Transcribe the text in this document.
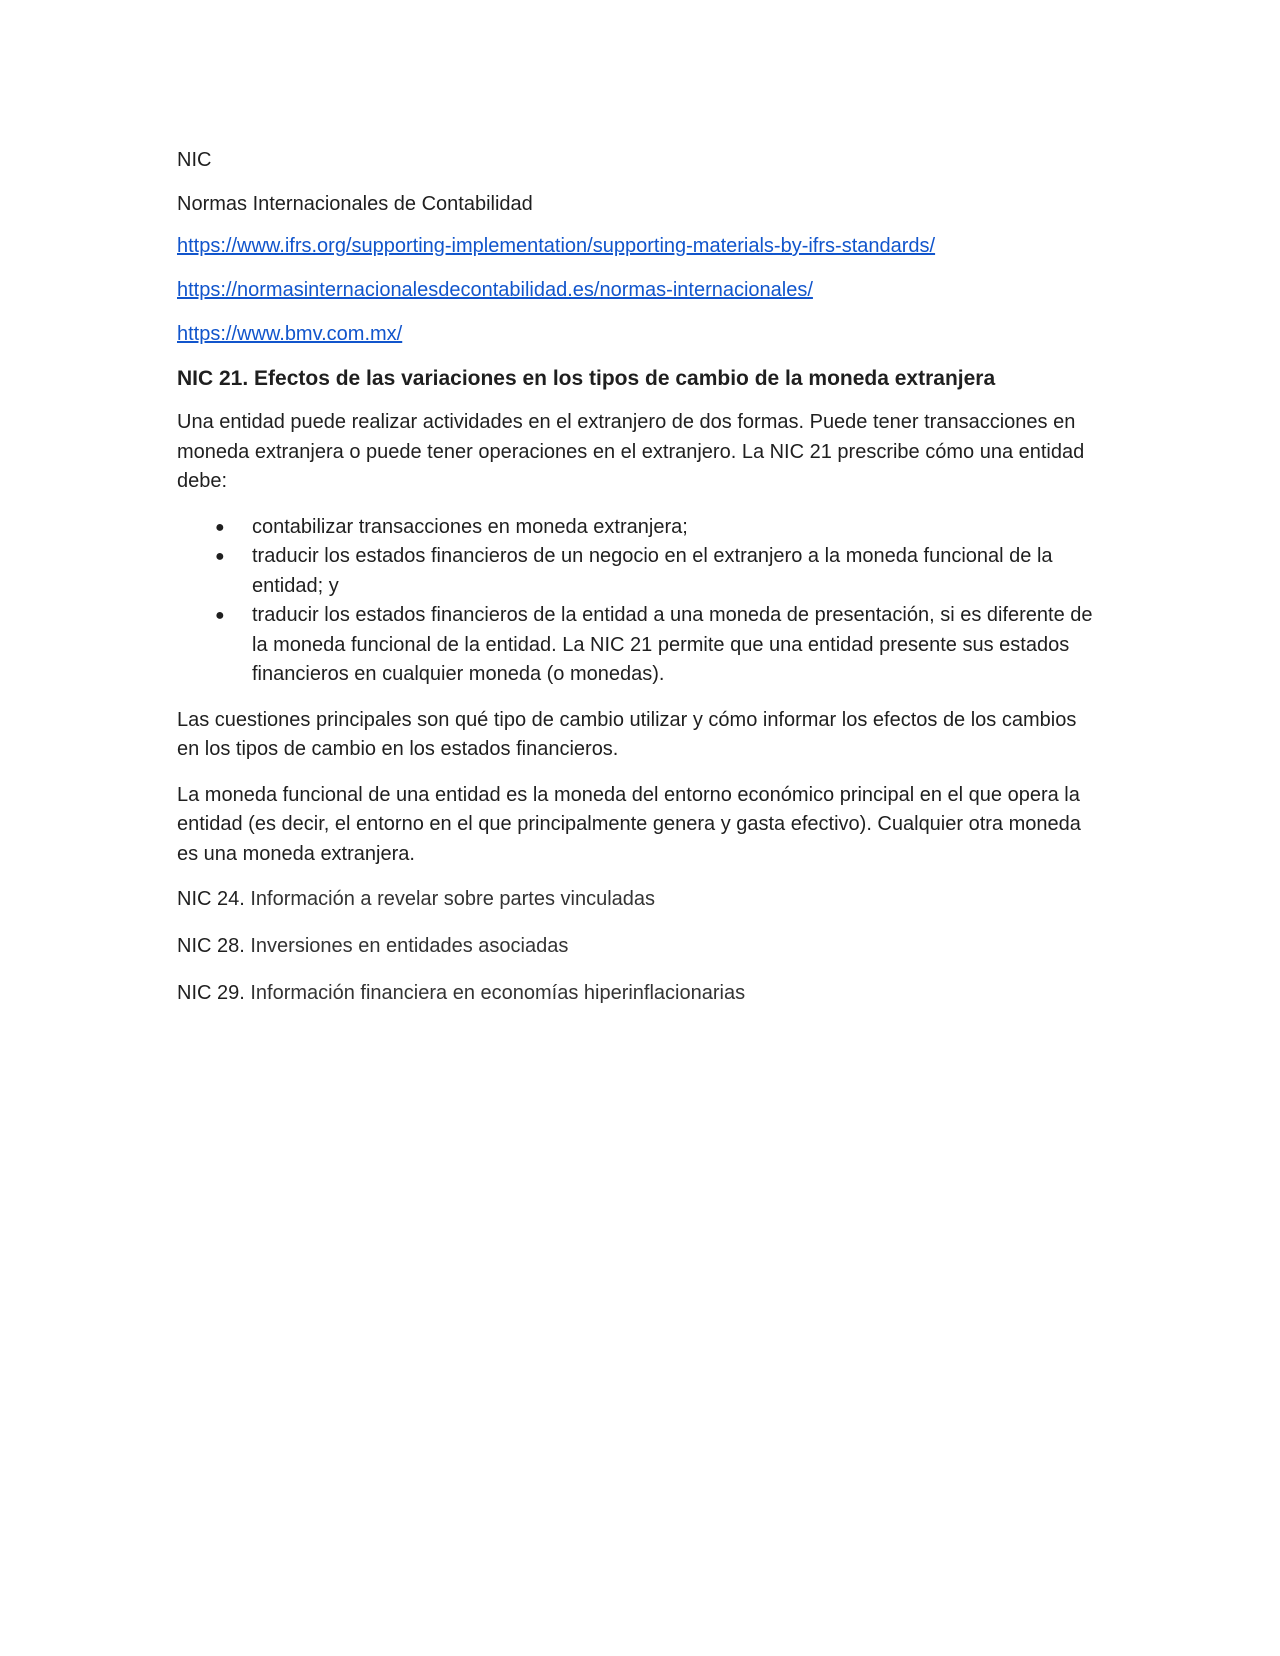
NIC

Normas Internacionales de Contabilidad

https://www.ifrs.org/supporting-implementation/supporting-materials-by-ifrs-standards/
https://normasinternacionalesdecontabilidad.es/normas-internacionales/
https://www.bmv.com.mx/
NIC 21. Efectos de las variaciones en los tipos de cambio de la moneda extranjera

Una entidad puede realizar actividades en el extranjero de dos formas. Puede tener transacciones en moneda extranjera o puede tener operaciones en el extranjero. La NIC 21 prescribe cómo una entidad debe:

● contabilizar transacciones en moneda extranjera;
● traducir los estados financieros de un negocio en el extranjero a la moneda funcional de la entidad; y
● traducir los estados financieros de la entidad a una moneda de presentación, si es diferente de la moneda funcional de la entidad. La NIC 21 permite que una entidad presente sus estados financieros en cualquier moneda (o monedas).

Las cuestiones principales son qué tipo de cambio utilizar y cómo informar los efectos de los cambios en los tipos de cambio en los estados financieros.

La moneda funcional de una entidad es la moneda del entorno económico principal en el que opera la entidad (es decir, el entorno en el que principalmente genera y gasta efectivo). Cualquier otra moneda es una moneda extranjera.

NIC 24. Información a revelar sobre partes vinculadas

NIC 28. Inversiones en entidades asociadas

NIC 29. Información financiera en economías hiperinflacionarias
